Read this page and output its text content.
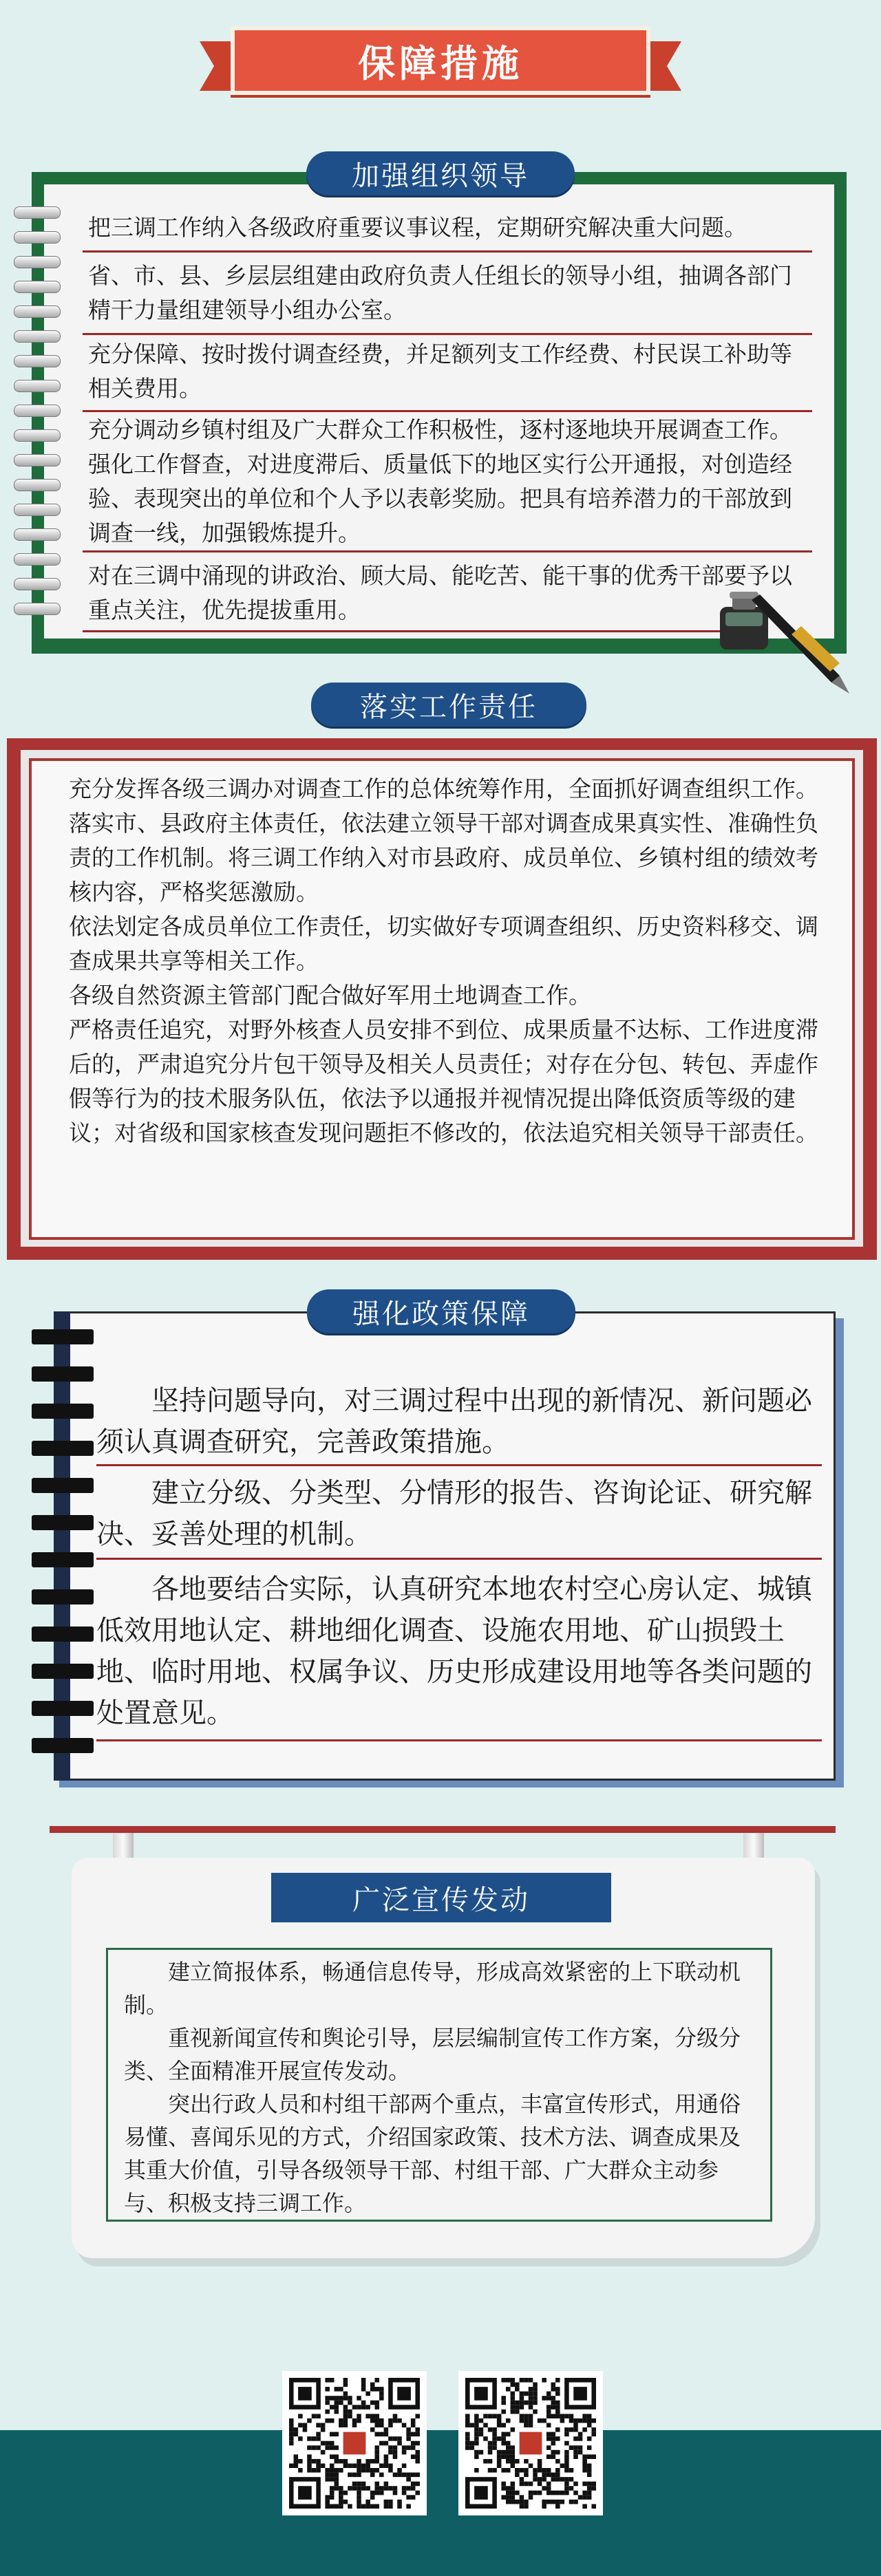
保障措施
加强组织领导

把三调工作纳入各级政府重要议事议程，定期研究解决重大问题。

省、市、县、乡层层组建由政府负责人任组长的领导小组，抽调各部门精干力量组建领导小组办公室。

充分保障、按时拨付调查经费，并足额列支工作经费、村民误工补助等相关费用。

充分调动乡镇村组及广大群众工作积极性，逐村逐地块开展调查工作。强化工作督查，对进度滞后、质量低下的地区实行公开通报，对创造经验、表现突出的单位和个人予以表彰奖励。把具有培养潜力的干部放到调查一线，加强锻炼提升。

对在三调中涌现的讲政治、顾大局、能吃苦、能干事的优秀干部要予以重点关注，优先提拔重用。

落实工作责任

充分发挥各级三调办对调查工作的总体统筹作用，全面抓好调查组织工作。

落实市、县政府主体责任，依法建立领导干部对调查成果真实性、准确性负责的工作机制。将三调工作纳入对市县政府、成员单位、乡镇村组的绩效考核内容，严格奖惩激励。

依法划定各成员单位工作责任，切实做好专项调查组织、历史资料移交、调查成果共享等相关工作。

各级自然资源主管部门配合做好军用土地调查工作。

严格责任追究，对野外核查人员安排不到位、成果质量不达标、工作进度滞后的，严肃追究分片包干领导及相关人员责任；对存在分包、转包、弄虚作假等行为的技术服务队伍，依法予以通报并视情况提出降低资质等级的建议；对省级和国家核查发现问题拒不修改的，依法追究相关领导干部责任。

强化政策保障

坚持问题导向，对三调过程中出现的新情况、新问题必须认真调查研究，完善政策措施。

建立分级、分类型、分情形的报告、咨询论证、研究解决、妥善处理的机制。

各地要结合实际，认真研究本地农村空心房认定、城镇低效用地认定、耕地细化调查、设施农用地、矿山损毁土地、临时用地、权属争议、历史形成建设用地等各类问题的处置意见。

广泛宣传发动

建立简报体系，畅通信息传导，形成高效紧密的上下联动机制。

重视新闻宣传和舆论引导，层层编制宣传工作方案，分级分类、全面精准开展宣传发动。

突出行政人员和村组干部两个重点，丰富宣传形式，用通俗易懂、喜闻乐见的方式，介绍国家政策、技术方法、调查成果及其重大价值，引导各级领导干部、村组干部、广大群众主动参与、积极支持三调工作。
